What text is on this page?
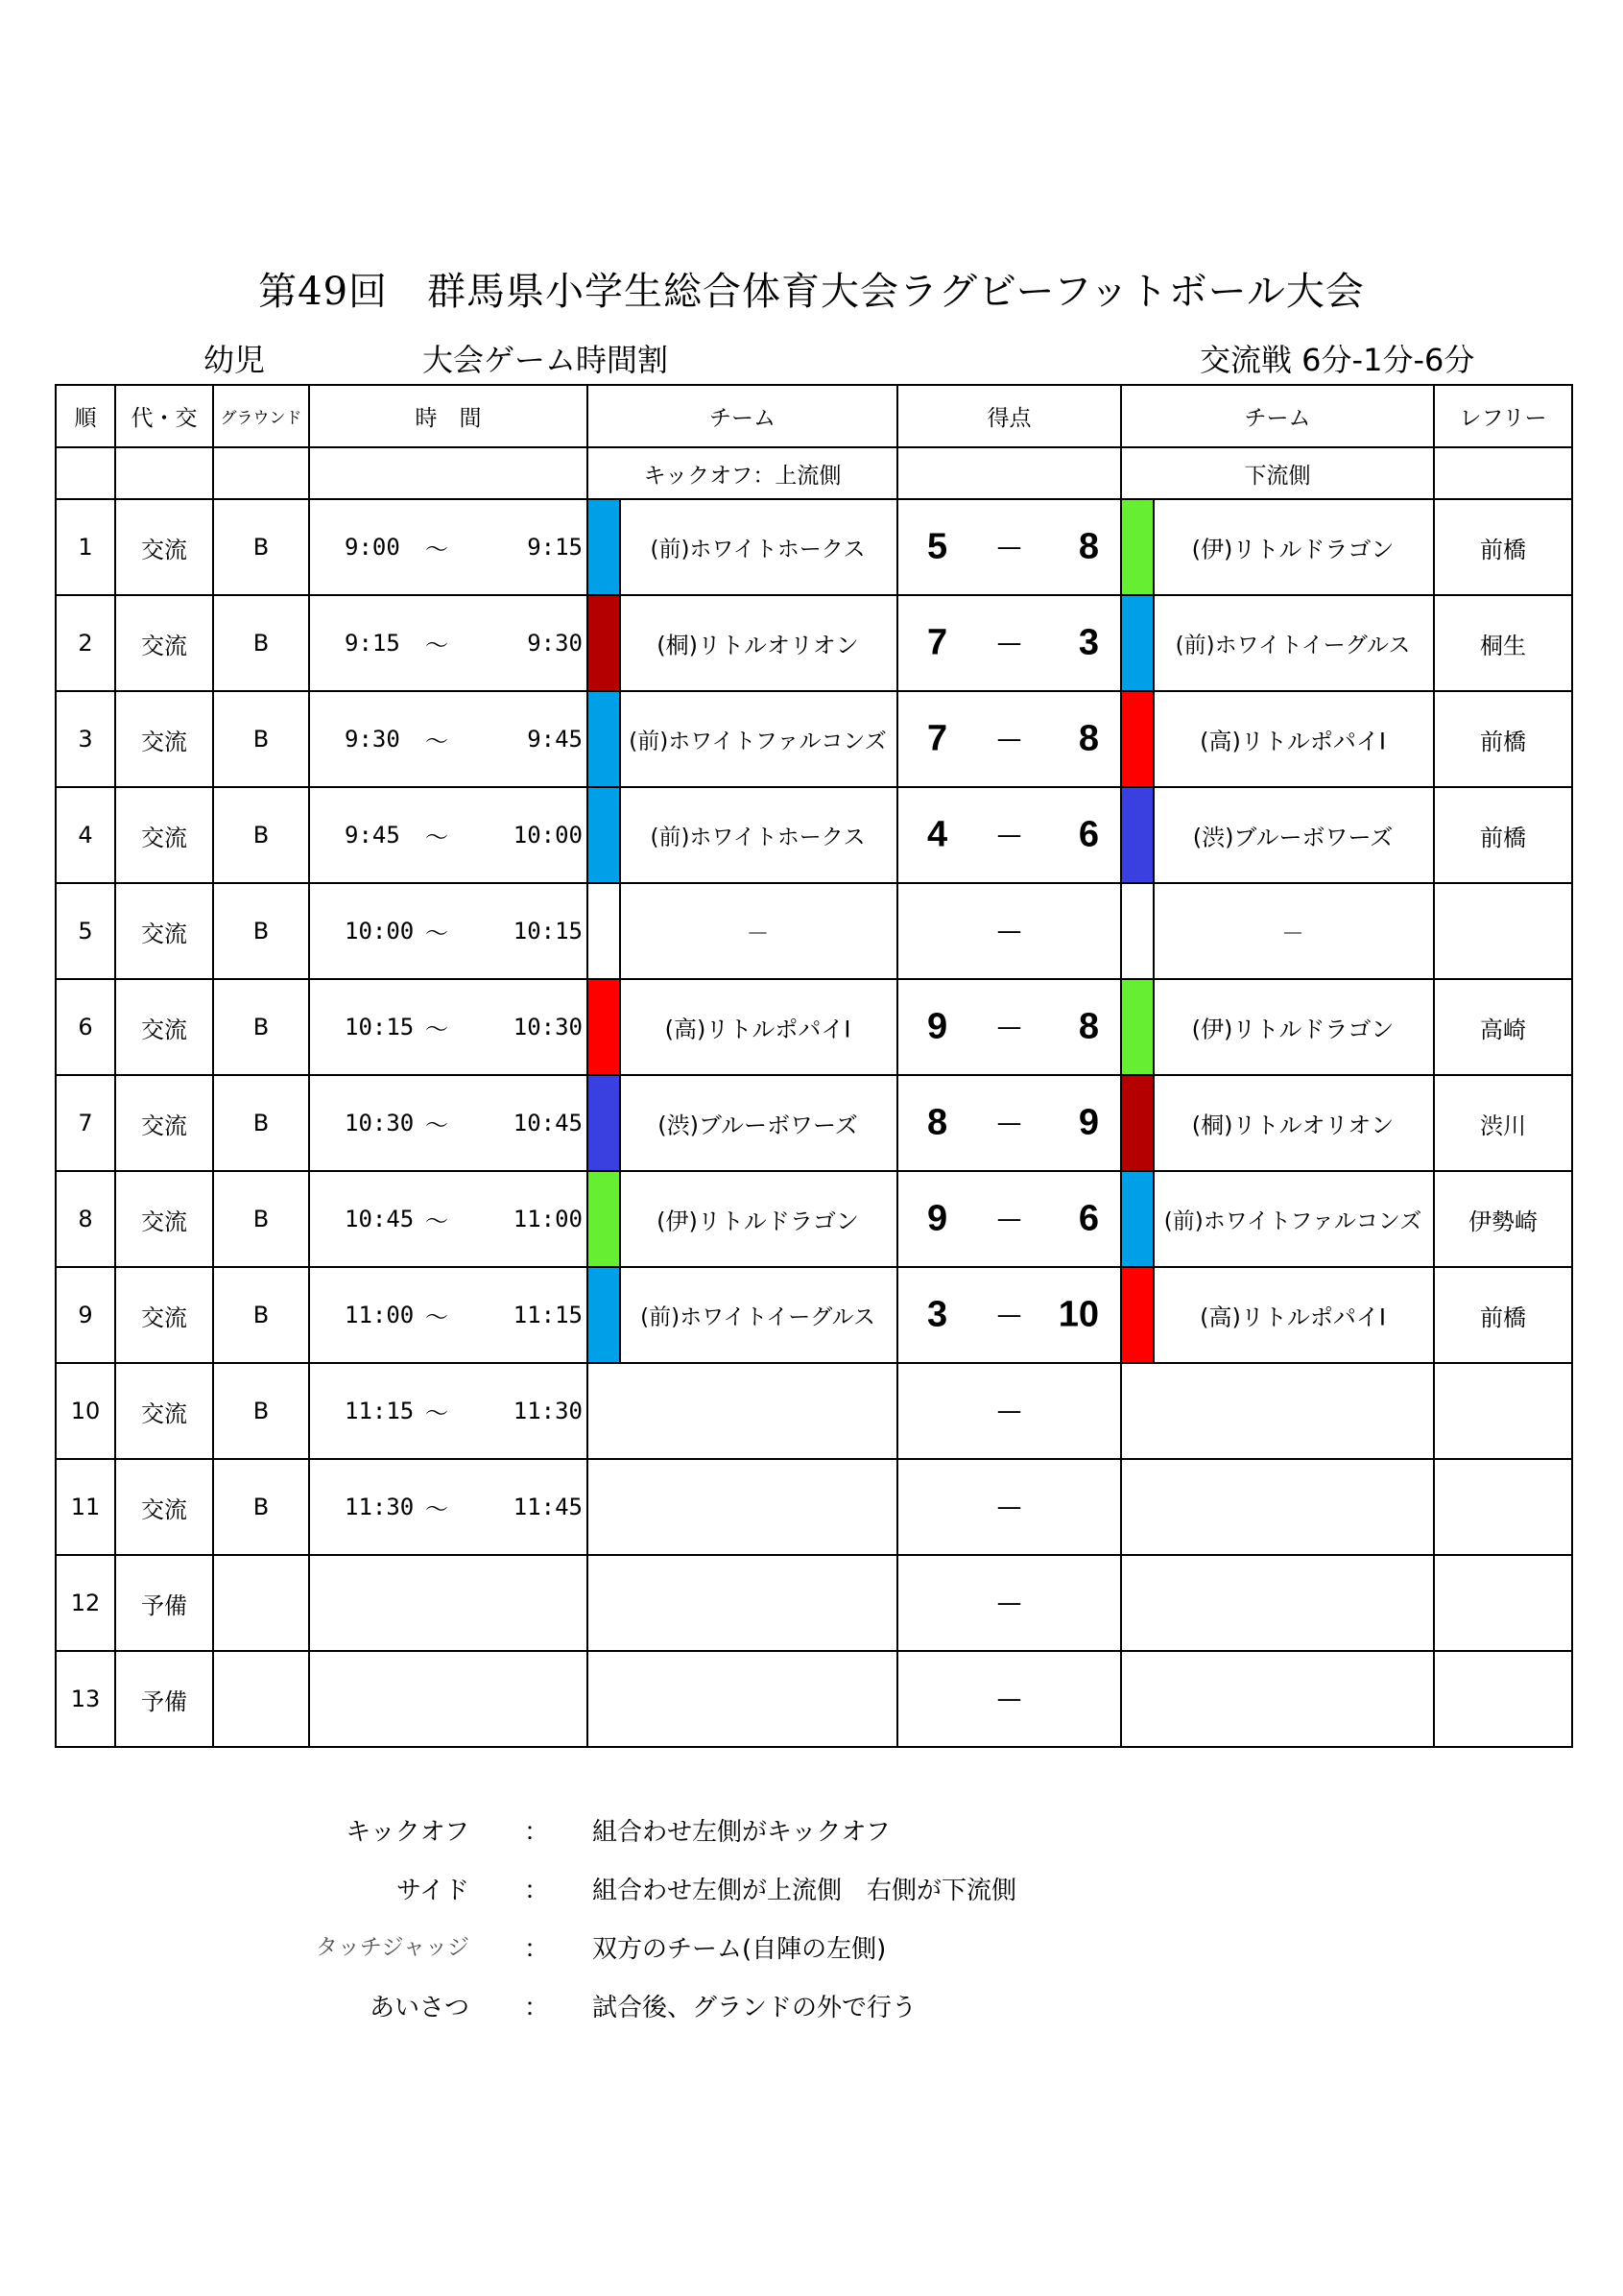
第49回　群馬県小学生総合体育大会ラグビーフットボール大会
幼児	大会ゲーム時間割	交流戦 6分-1分-6分
順	代・交	グラウンド	時　間	チーム	得点	チーム	レフリー
				キックオフ：上流側		下流側	
1	交流	B	9:00 ～ 9:15	(前)ホワイトホークス	5 — 8	(伊)リトルドラゴン	前橋
2	交流	B	9:15 ～ 9:30	(桐)リトルオリオン	7 — 3	(前)ホワイトイーグルス	桐生
3	交流	B	9:30 ～ 9:45	(前)ホワイトファルコンズ	7 — 8	(高)リトルポパイⅠ	前橋
4	交流	B	9:45 ～ 10:00	(前)ホワイトホークス	4 — 6	(渋)ブルーボワーズ	前橋
5	交流	B	10:00 ～ 10:15	－	—	－	

6	交流	B	10:15 ～ 10:30	(高)リトルポパイⅠ	9 — 8	(伊)リトルドラゴン	高崎
7	交流	B	10:30 ～ 10:45	(渋)ブルーボワーズ	8 — 9	(桐)リトルオリオン	渋川
8	交流	B	10:45 ～ 11:00	(伊)リトルドラゴン	9 — 6	(前)ホワイトファルコンズ	伊勢崎
9	交流	B	11:00 ～ 11:15	(前)ホワイトイーグルス	3 — 10	(高)リトルポパイⅠ	前橋
10	交流	B	11:15 ～ 11:30		—		

11	交流	B	11:30 ～ 11:45		—		

12	予備				—		

13	予備				—		

キックオフ ： 組合わせ左側がキックオフ
サイド ： 組合わせ左側が上流側　右側が下流側
タッチジャッジ ： 双方のチーム(自陣の左側)
あいさつ ： 試合後、グランドの外で行う
